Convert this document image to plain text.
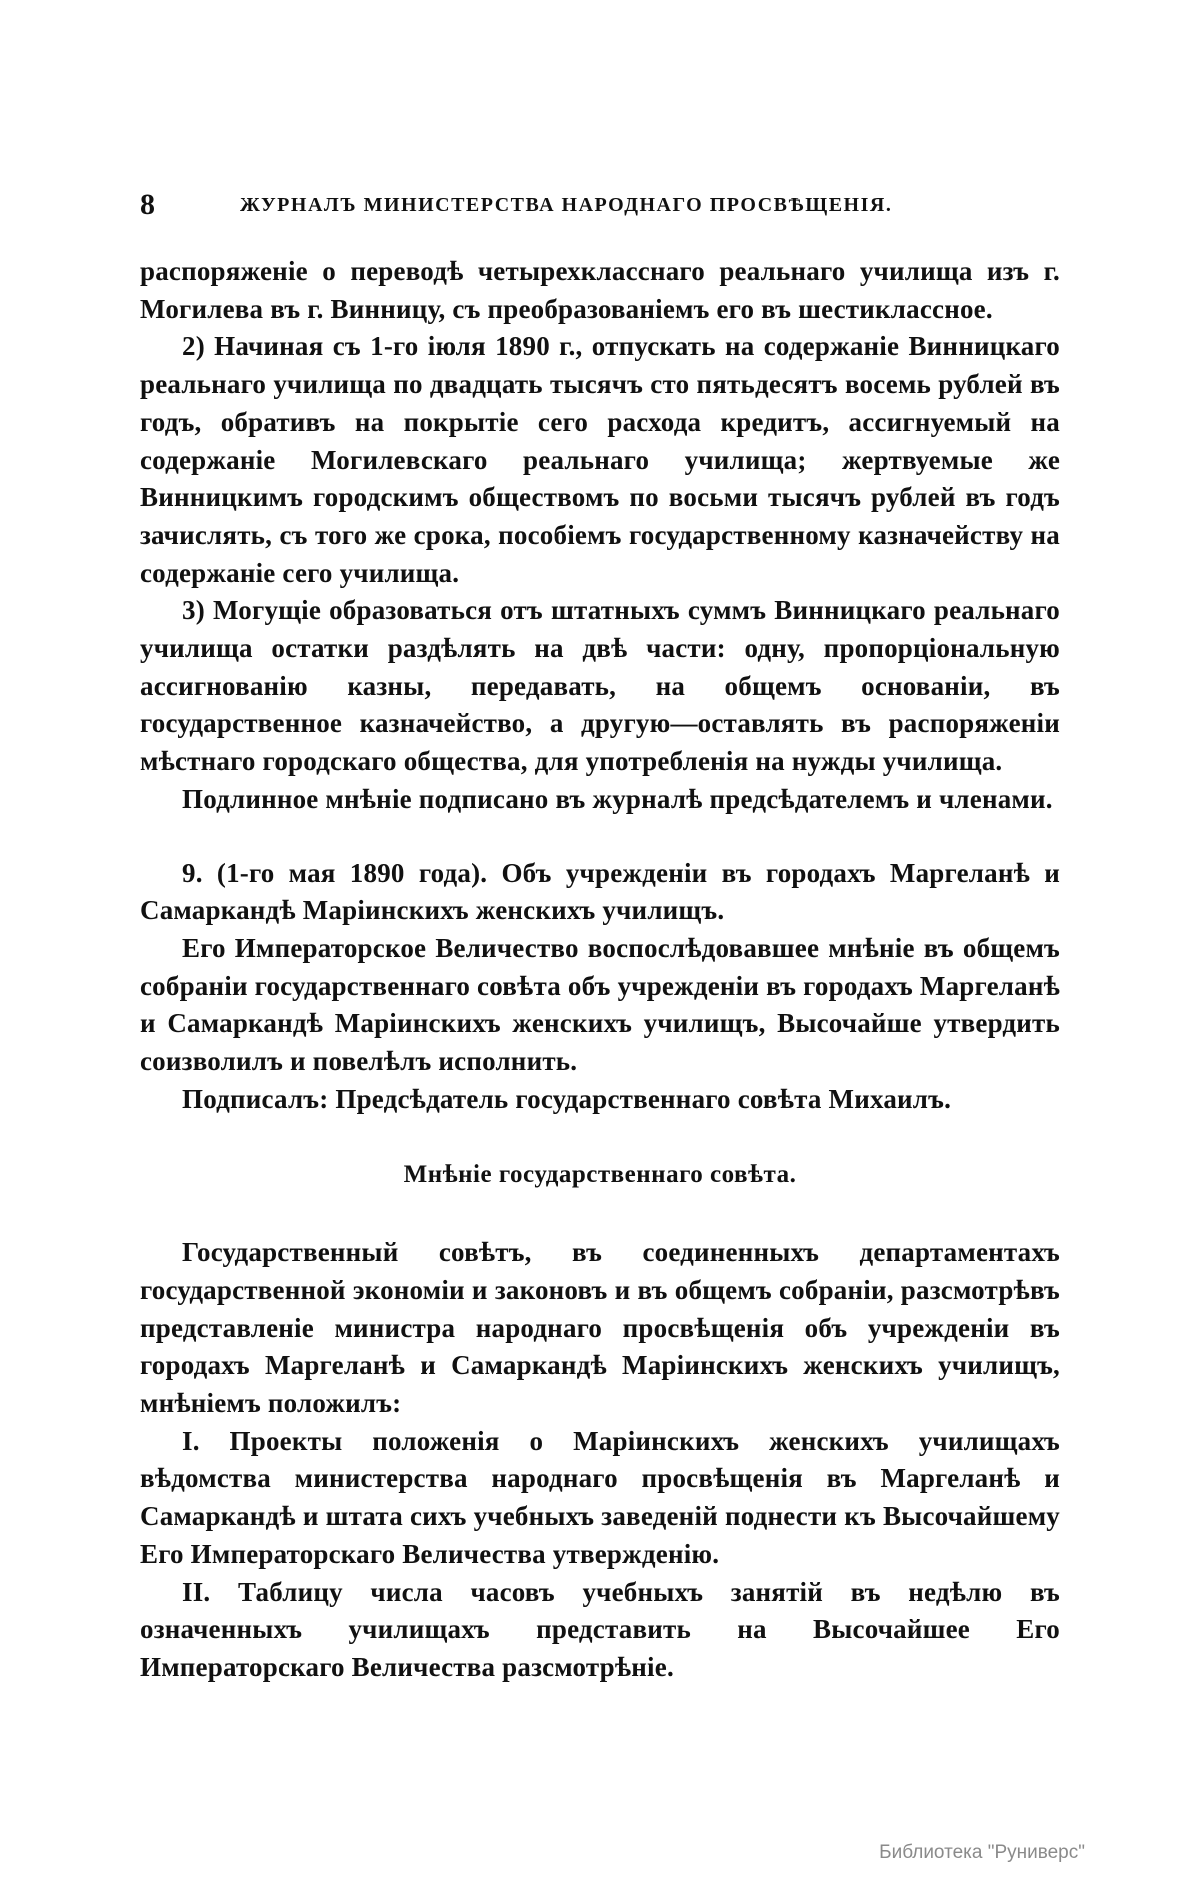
8	ЖУРНАЛЪ МИНИСТЕРСТВА НАРОДНАГО ПРОСВѢЩЕНІЯ.

распоряженіе о переводѣ четырехкласснаго реальнаго училища изъ г. Могилева въ г. Винницу, съ преобразованіемъ его въ шестиклассное.

2) Начиная съ 1-го іюля 1890 г., отпускать на содержаніе Винницкаго реальнаго училища по двадцать тысячъ сто пятьдесятъ восемь рублей въ годъ, обративъ на покрытіе сего расхода кредитъ, ассигнуемый на содержаніе Могилевскаго реальнаго училища; жертвуемые же Винницкимъ городскимъ обществомъ по восьми тысячъ рублей въ годъ зачислять, съ того же срока, пособіемъ государственному казначейству на содержаніе сего училища.

3) Могущіе образоваться отъ штатныхъ суммъ Винницкаго реальнаго училища остатки раздѣлять на двѣ части: одну, пропорціональную ассигнованію казны, передавать, на общемъ основаніи, въ государственное казначейство, а другую—оставлять въ распоряженіи мѣстнаго городскаго общества, для употребленія на нужды училища.

Подлинное мнѣніе подписано въ журналѣ предсѣдателемъ и членами.

9. (1-го мая 1890 года). Объ учрежденіи въ городахъ Маргеланѣ и Самаркандѣ Маріинскихъ женскихъ училищъ.

Его Императорское Величество воспослѣдовавшее мнѣніе въ общемъ собраніи государственнаго совѣта объ учрежденіи въ городахъ Маргеланѣ и Самаркандѣ Маріинскихъ женскихъ училищъ, Высочайше утвердить соизволилъ и повелѣлъ исполнить.

Подписалъ: Предсѣдатель государственнаго совѣта Михаилъ.

Мнѣніе государственнаго совѣта.

Государственный совѣтъ, въ соединенныхъ департаментахъ государственной экономіи и законовъ и въ общемъ собраніи, разсмотрѣвъ представленіе министра народнаго просвѣщенія объ учрежденіи въ городахъ Маргеланѣ и Самаркандѣ Маріинскихъ женскихъ училищъ, мнѣніемъ положилъ:

I. Проекты положенія о Маріинскихъ женскихъ училищахъ вѣдомства министерства народнаго просвѣщенія въ Маргеланѣ и Самаркандѣ и штата сихъ учебныхъ заведеній поднести къ Высочайшему Его Императорскаго Величества утвержденію.

II. Таблицу числа часовъ учебныхъ занятій въ недѣлю въ означенныхъ училищахъ представить на Высочайшее Его Императорскаго Величества разсмотрѣніе.

Библиотека "Руниверс"
